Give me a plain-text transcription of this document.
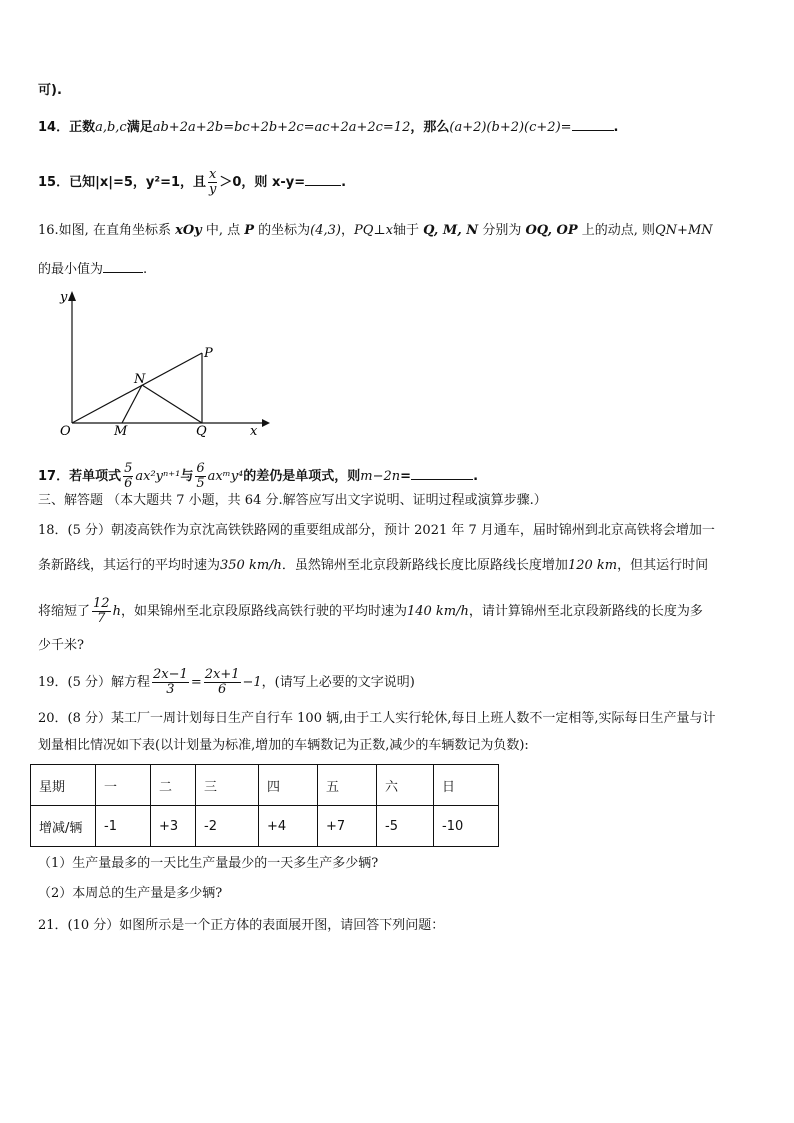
可).
14．正数a,b,c满足ab+2a+2b=bc+2b+2c=ac+2a+2c=12，那么(a+2)(b+2)(c+2)=	.
15．已知|x|=5，y²=1，且 $\frac{x}{y} >0$，则 x-y=	.
16.如图, 在直角坐标系 xOy 中, 点 P 的坐标为(4,3)，PQ⊥x轴于 Q, M, N 分别为 OQ, OP 上的动点, 则QN+MN
的最小值为	.
y
x
O	M	Q
N
P
17．若单项式 $\frac{5}{6} ax^2y^{n+1}$与 $\frac{6}{5}$ axᵐy⁴的差仍是单项式，则m−2n=	.
三、解答题 （本大题共 7 小题，共 64 分.解答应写出文字说明、证明过程或演算步骤.）
18．(5 分）朝凌高铁作为京沈高铁铁路网的重要组成部分，预计 2021 年 7 月通车，届时锦州到北京高铁将会增加一
条新路线，其运行的平均时速为350 km/h．虽然锦州至北京段新路线长度比原路线长度增加120 km，但其运行时间
将缩短了 $\frac{12}{7}$ h，如果锦州至北京段原路线高铁行驶的平均时速为140 km/h，请计算锦州至北京段新路线的长度为多
少千米?
19．(5 分）解方程 $\frac{2x-1}{3} = \frac{2x+1}{6} -1$，(请写上必要的文字说明)
20．(8 分）某工厂一周计划每日生产自行车 100 辆,由于工人实行轮休,每日上班人数不一定相等,实际每日生产量与计
划量相比情况如下表(以计划量为标准,增加的车辆数记为正数,减少的车辆数记为负数):
星期	一	二	三	四	五	六	日
增减/辆	-1	+3	-2	+4	+7	-5	-10
（1）生产量最多的一天比生产量最少的一天多生产多少辆?
（2）本周总的生产量是多少辆?
21．(10 分）如图所示是一个正方体的表面展开图，请回答下列问题：
